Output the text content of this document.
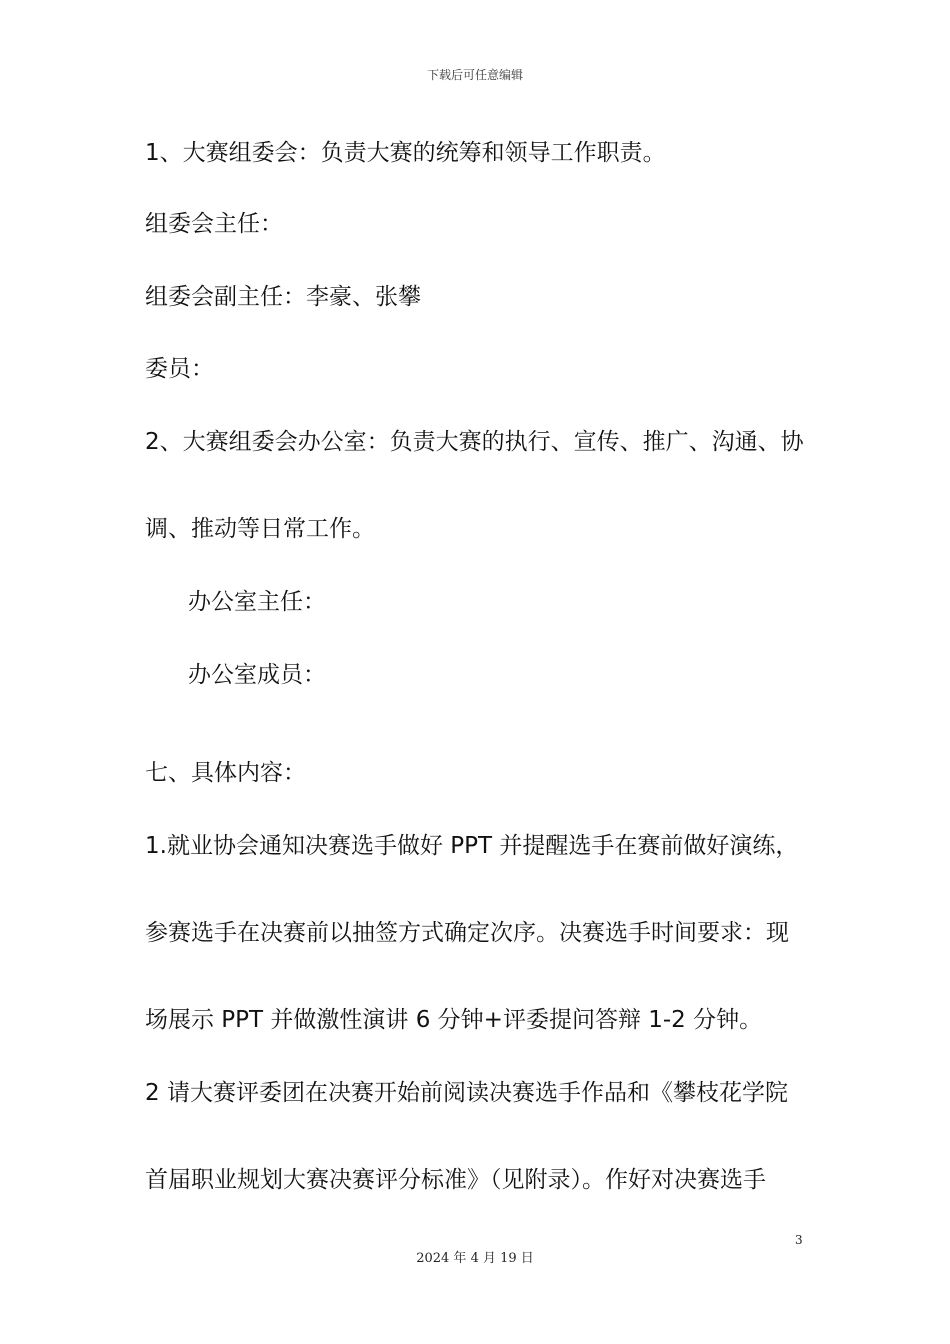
下载后可任意编辑
1、大赛组委会：负责大赛的统筹和领导工作职责。
组委会主任：
组委会副主任：李豪、张攀
委员：
2、大赛组委会办公室：负责大赛的执行、宣传、推广、沟通、协
调、推动等日常工作。
办公室主任：
办公室成员：
七、具体内容：
1.就业协会通知决赛选手做好 PPT 并提醒选手在赛前做好演练，
参赛选手在决赛前以抽签方式确定次序。决赛选手时间要求：现
场展示 PPT 并做激性演讲 6 分钟+评委提问答辩 1-2 分钟。
2 请大赛评委团在决赛开始前阅读决赛选手作品和《攀枝花学院
首届职业规划大赛决赛评分标准》（见附录）。作好对决赛选手
3
2024 年 4 月 19 日
